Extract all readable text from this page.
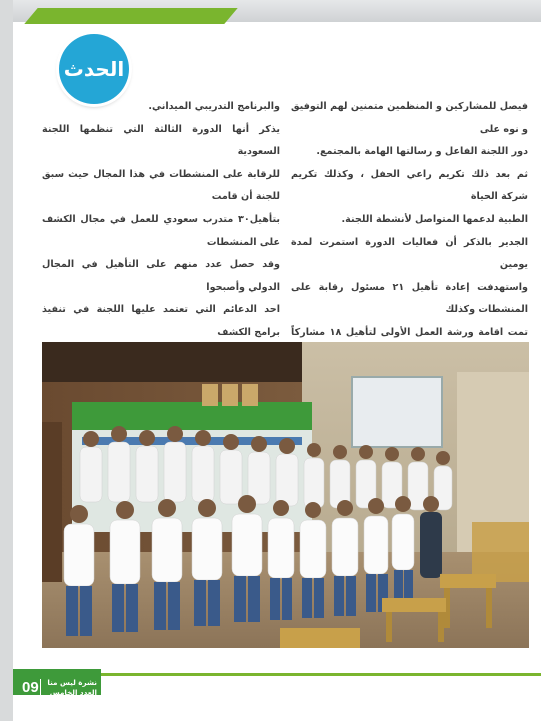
الحدث

فيصل للمشاركين و المنظمين متمنين لهم التوفيق و نوه على

دور اللجنة الفاعل و رسالتها الهامة بالمجتمع.

ثم بعد ذلك تكريم راعي الحفل ، وكذلك تكريم شركة الحياة

الطبية لدعمها المتواصل لأنشطة اللجنة.

الجدير بالذكر أن فعاليات الدورة استمرت لمدة يومين

واستهدفت إعادة تأهيل ٢١ مسئول رقابة على المنشطات وكذلك

تمت اقامة ورشة العمل الأولى لتأهيل ١٨ مشاركاً

والبرنامج التدريبي الميداني.

يذكر أنها الدورة الثالثة التي تنظمها اللجنة السعودية

للرقابة على المنشطات في هذا المجال حيث سبق للجنة أن قامت

بتأهيل٣٠ متدرب سعودي للعمل في مجال الكشف على المنشطات

وقد حصل عدد منهم على التأهيل في المجال الدولي وأصبحوا

احد الدعائم التي تعتمد عليها اللجنة في تنفيذ برامج الكشف

09	نشرة ليس منا
العدد الخامس عشر
